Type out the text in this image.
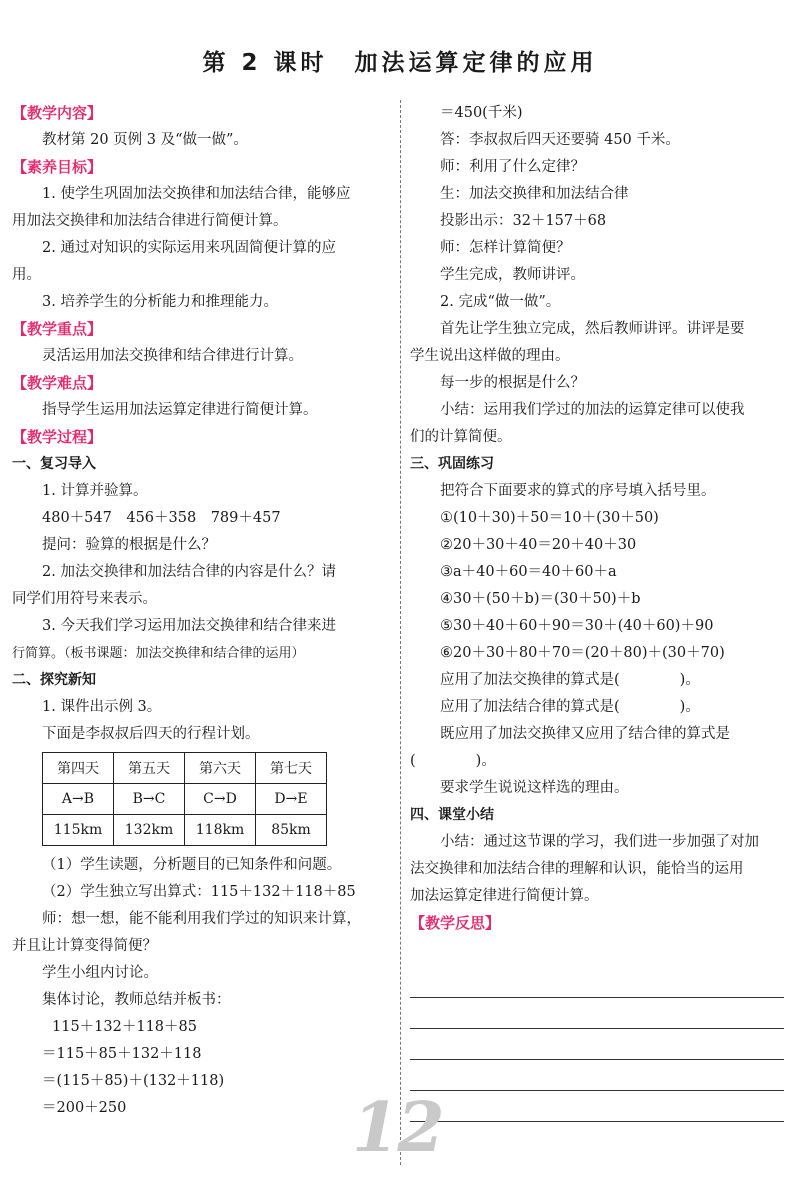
第 2 课时　加法运算定律的应用
【教学内容】
教材第 20 页例 3 及“做一做”。
【素养目标】
1. 使学生巩固加法交换律和加法结合律，能够应
用加法交换律和加法结合律进行简便计算。
2. 通过对知识的实际运用来巩固简便计算的应
用。
3. 培养学生的分析能力和推理能力。
【教学重点】
灵活运用加法交换律和结合律进行计算。
【教学难点】
指导学生运用加法运算定律进行简便计算。
【教学过程】
一、复习导入
1. 计算并验算。
480＋547　456＋358　789＋457
提问：验算的根据是什么？
2. 加法交换律和加法结合律的内容是什么？请
同学们用符号来表示。
3. 今天我们学习运用加法交换律和结合律来进
行简算。（板书课题：加法交换律和结合律的运用）
二、探究新知
1. 课件出示例 3。
下面是李叔叔后四天的行程计划。
第四天	第五天	第六天	第七天
A→B	B→C	C→D	D→E
115km	132km	118km	85km
（1）学生读题，分析题目的已知条件和问题。
（2）学生独立写出算式：115＋132＋118＋85
师：想一想，能不能利用我们学过的知识来计算，
并且让计算变得简便？
学生小组内讨论。
集体讨论，教师总结并板书：
115＋132＋118＋85
＝115＋85＋132＋118
＝(115＋85)＋(132＋118)
＝200＋250
＝450(千米)
答：李叔叔后四天还要骑 450 千米。
师：利用了什么定律？
生：加法交换律和加法结合律
投影出示：32＋157＋68
师：怎样计算简便？
学生完成，教师讲评。
2. 完成“做一做”。
首先让学生独立完成，然后教师讲评。讲评是要
学生说出这样做的理由。
每一步的根据是什么？
小结：运用我们学过的加法的运算定律可以使我
们的计算简便。
三、巩固练习
把符合下面要求的算式的序号填入括号里。
①(10＋30)＋50＝10＋(30＋50)
②20＋30＋40＝20＋40＋30
③a＋40＋60＝40＋60＋a
④30＋(50＋b)＝(30＋50)＋b
⑤30＋40＋60＋90＝30＋(40＋60)＋90
⑥20＋30＋80＋70＝(20＋80)＋(30＋70)
应用了加法交换律的算式是(	)。
应用了加法结合律的算式是(	)。
既应用了加法交换律又应用了结合律的算式是
(	)。
要求学生说说这样选的理由。
四、课堂小结
小结：通过这节课的学习，我们进一步加强了对加
法交换律和加法结合律的理解和认识，能恰当的运用
加法运算定律进行简便计算。
【教学反思】
12
